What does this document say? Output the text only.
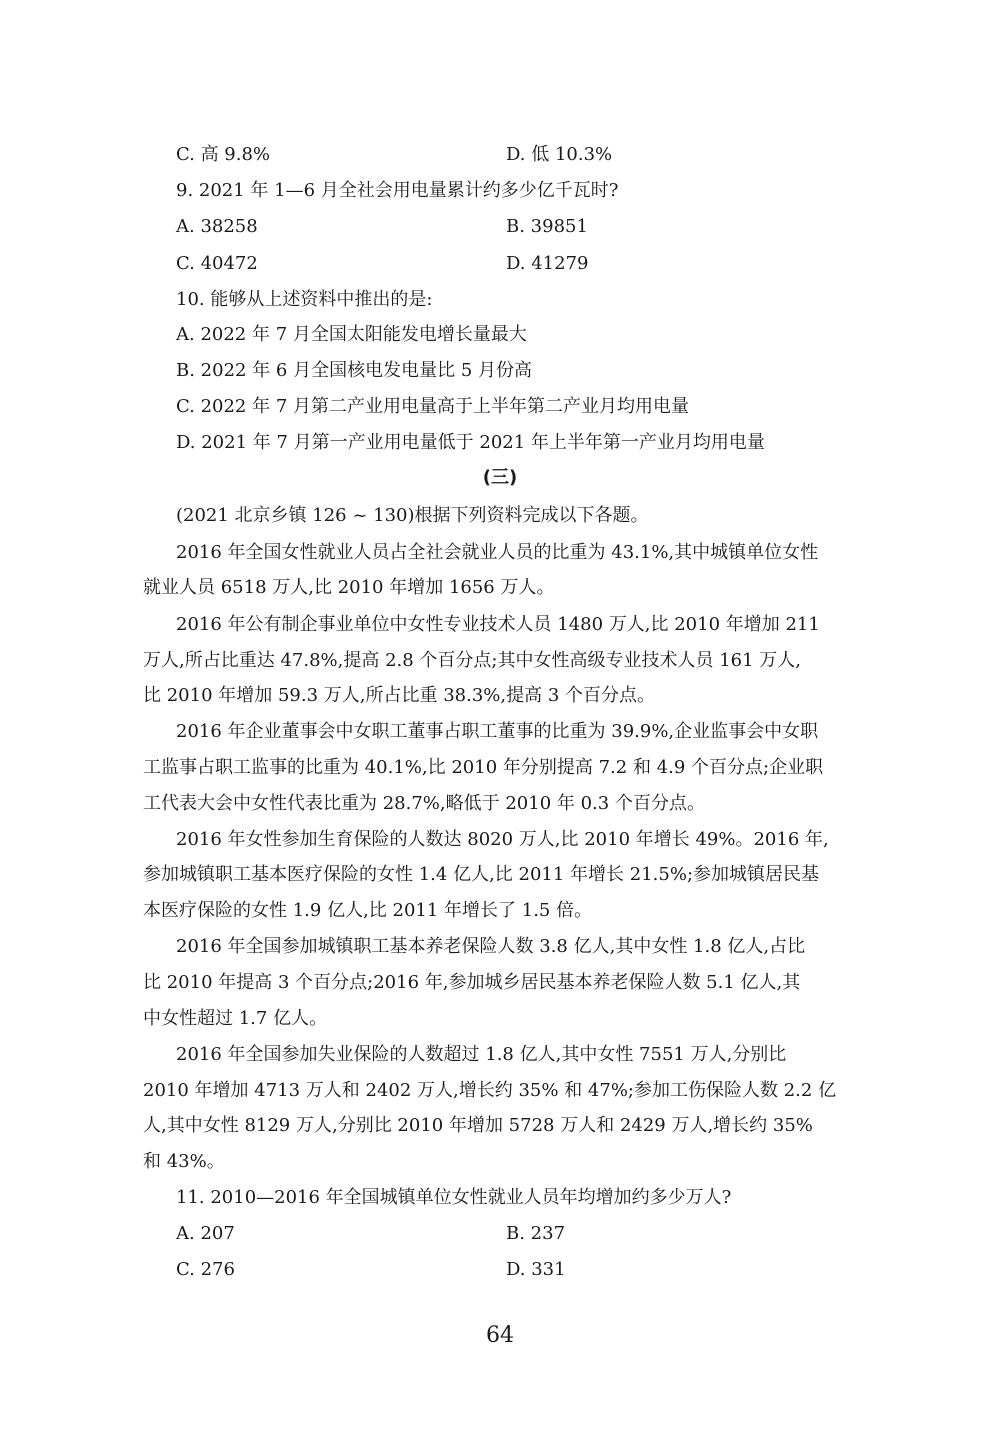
C. 高 9.8%	D. 低 10.3%
9. 2021 年 1—6 月全社会用电量累计约多少亿千瓦时?
A. 38258	B. 39851
C. 40472	D. 41279
10. 能够从上述资料中推出的是:
A. 2022 年 7 月全国太阳能发电增长量最大
B. 2022 年 6 月全国核电发电量比 5 月份高
C. 2022 年 7 月第二产业用电量高于上半年第二产业月均用电量
D. 2021 年 7 月第一产业用电量低于 2021 年上半年第一产业月均用电量
(三)
(2021 北京乡镇 126 ~ 130)根据下列资料完成以下各题。
2016 年全国女性就业人员占全社会就业人员的比重为 43.1%,其中城镇单位女性
就业人员 6518 万人,比 2010 年增加 1656 万人。
2016 年公有制企事业单位中女性专业技术人员 1480 万人,比 2010 年增加 211
万人,所占比重达 47.8%,提高 2.8 个百分点;其中女性高级专业技术人员 161 万人,
比 2010 年增加 59.3 万人,所占比重 38.3%,提高 3 个百分点。
2016 年企业董事会中女职工董事占职工董事的比重为 39.9%,企业监事会中女职
工监事占职工监事的比重为 40.1%,比 2010 年分别提高 7.2 和 4.9 个百分点;企业职
工代表大会中女性代表比重为 28.7%,略低于 2010 年 0.3 个百分点。
2016 年女性参加生育保险的人数达 8020 万人,比 2010 年增长 49%。2016 年,
参加城镇职工基本医疗保险的女性 1.4 亿人,比 2011 年增长 21.5%;参加城镇居民基
本医疗保险的女性 1.9 亿人,比 2011 年增长了 1.5 倍。
2016 年全国参加城镇职工基本养老保险人数 3.8 亿人,其中女性 1.8 亿人,占比
比 2010 年提高 3 个百分点;2016 年,参加城乡居民基本养老保险人数 5.1 亿人,其
中女性超过 1.7 亿人。
2016 年全国参加失业保险的人数超过 1.8 亿人,其中女性 7551 万人,分别比
2010 年增加 4713 万人和 2402 万人,增长约 35% 和 47%;参加工伤保险人数 2.2 亿
人,其中女性 8129 万人,分别比 2010 年增加 5728 万人和 2429 万人,增长约 35%
和 43%。
11. 2010—2016 年全国城镇单位女性就业人员年均增加约多少万人?
A. 207	B. 237
C. 276	D. 331
64
